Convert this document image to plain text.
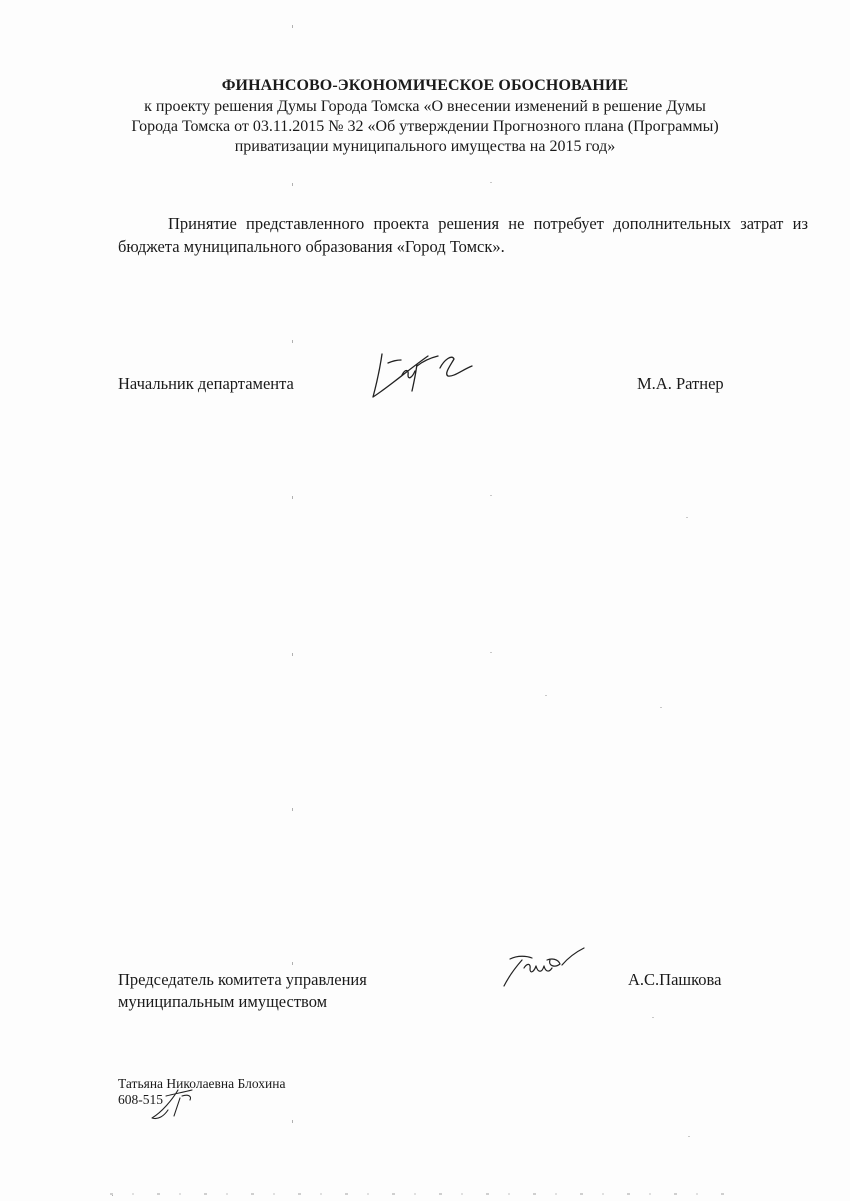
ФИНАНСОВО-ЭКОНОМИЧЕСКОЕ ОБОСНОВАНИЕ
к проекту решения Думы Города Томска «О внесении изменений в решение Думы
Города Томска от 03.11.2015 № 32 «Об утверждении Прогнозного плана (Программы)
приватизации муниципального имущества на 2015 год»
Принятие представленного проекта решения не потребует дополнительных затрат из бюджета муниципального образования «Город Томск».
Начальник департамента	М.А. Ратнер
Председатель комитета управления
муниципальным имуществом
А.С.Пашкова
Татьяна Николаевна Блохина
608-515
